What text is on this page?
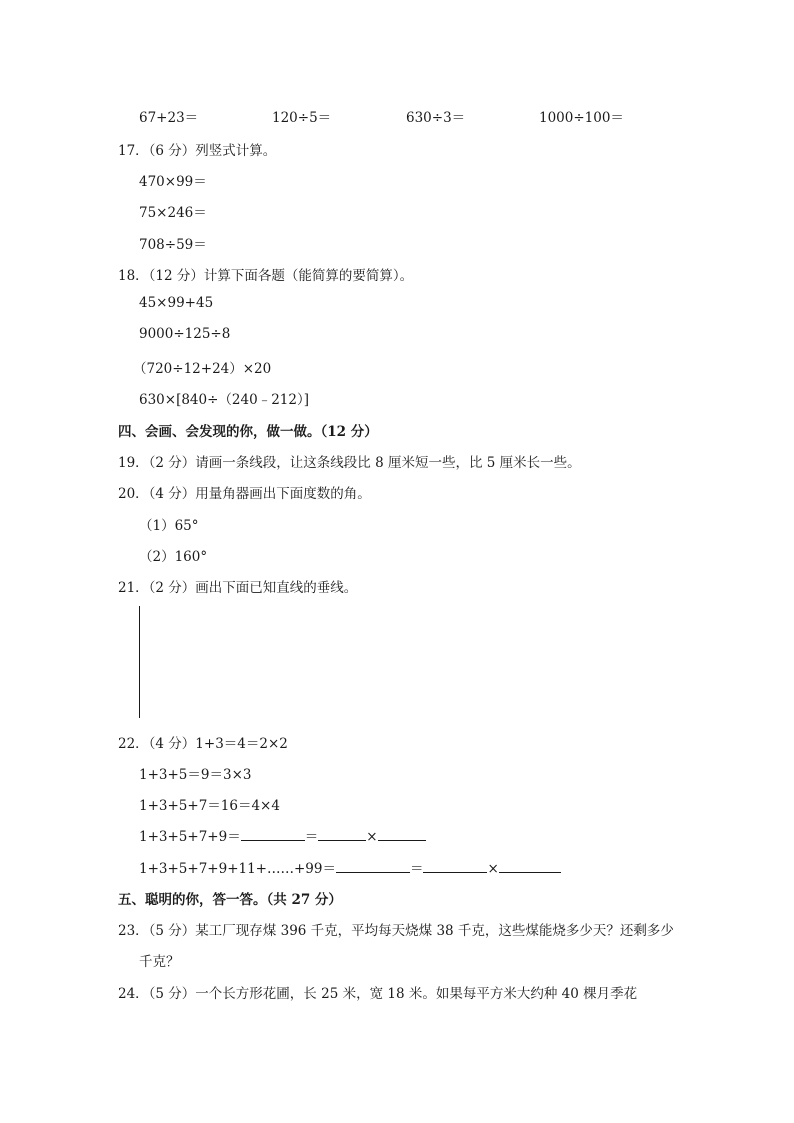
67+23＝	120÷5＝	630÷3＝	1000÷100＝
17．（6 分）列竖式计算。
470×99＝
75×246＝
708÷59＝
18．（12 分）计算下面各题（能简算的要简算）。
45×99+45
9000÷125÷8
（720÷12+24）×20
630×[840÷（240﹣212）]
四、会画、会发现的你，做一做。（12 分）
19．（2 分）请画一条线段，让这条线段比 8 厘米短一些，比 5 厘米长一些。
20．（4 分）用量角器画出下面度数的角。
（1）65°
（2）160°
21．（2 分）画出下面已知直线的垂线。
22．（4 分）1+3＝4＝2×2
1+3+5＝9＝3×3
1+3+5+7＝16＝4×4
1+3+5+7+9＝	＝	×
1+3+5+7+9+11+……+99＝	＝	×
五、聪明的你，答一答。（共 27 分）
23．（5 分）某工厂现存煤 396 千克，平均每天烧煤 38 千克，这些煤能烧多少天？还剩多少
千克？
24．（5 分）一个长方形花圃，长 25 米，宽 18 米。如果每平方米大约种 40 棵月季花
